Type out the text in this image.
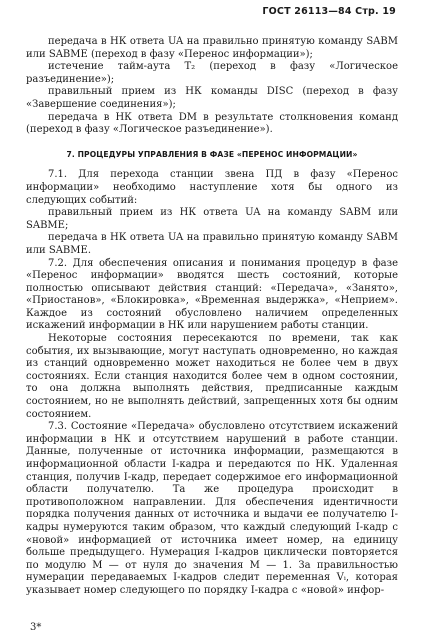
ГОСТ 26113—84 Стр. 19

передача в НК ответа UA на правильно принятую команду SABM или SABME (переход в фазу «Перенос информации»);

истечение тайм-аута T₂ (переход в фазу «Логическое разъединение»);

правильный прием из НК команды DISC (переход в фазу «Завершение соединения»);

передача в НК ответа DM в результате столкновения команд (переход в фазу «Логическое разъединение»).

7. ПРОЦЕДУРЫ УПРАВЛЕНИЯ В ФАЗЕ «ПЕРЕНОС ИНФОРМАЦИИ»

7.1. Для перехода станции звена ПД в фазу «Перенос информации» необходимо наступление хотя бы одного из следующих событий:

правильный прием из НК ответа UA на команду SABM или SABME;

передача в НК ответа UA на правильно принятую команду SABM или SABME.

7.2. Для обеспечения описания и понимания процедур в фазе «Перенос информации» вводятся шесть состояний, которые полностью описывают действия станций: «Передача», «Занято», «Приостанов», «Блокировка», «Временная выдержка», «Неприем». Каждое из состояний обусловлено наличием определенных искажений информации в НК или нарушением работы станции.

Некоторые состояния пересекаются по времени, так как события, их вызывающие, могут наступать одновременно, но каждая из станций одновременно может находиться не более чем в двух состояниях. Если станция находится более чем в одном состоянии, то она должна выполнять действия, предписанные каждым состоянием, но не выполнять действий, запрещенных хотя бы одним состоянием.

7.3. Состояние «Передача» обусловлено отсутствием искажений информации в НК и отсутствием нарушений в работе станции. Данные, полученные от источника информации, размещаются в информационной области I-кадра и передаются по НК. Удаленная станция, получив I-кадр, передает содержимое его информационной области получателю. Та же процедура происходит в противоположном направлении. Для обеспечения идентичности порядка получения данных от источника и выдачи ее получателю I-кадры нумеруются таким образом, что каждый следующий I-кадр с «новой» информацией от источника имеет номер, на единицу больше предыдущего. Нумерация I-кадров циклически повторяется по модулю M — от нуля до значения M — 1. За правильностью нумерации передаваемых I-кадров следит переменная Vᵢ, которая указывает номер следующего по порядку I-кадра с «новой» инфор-

3*
